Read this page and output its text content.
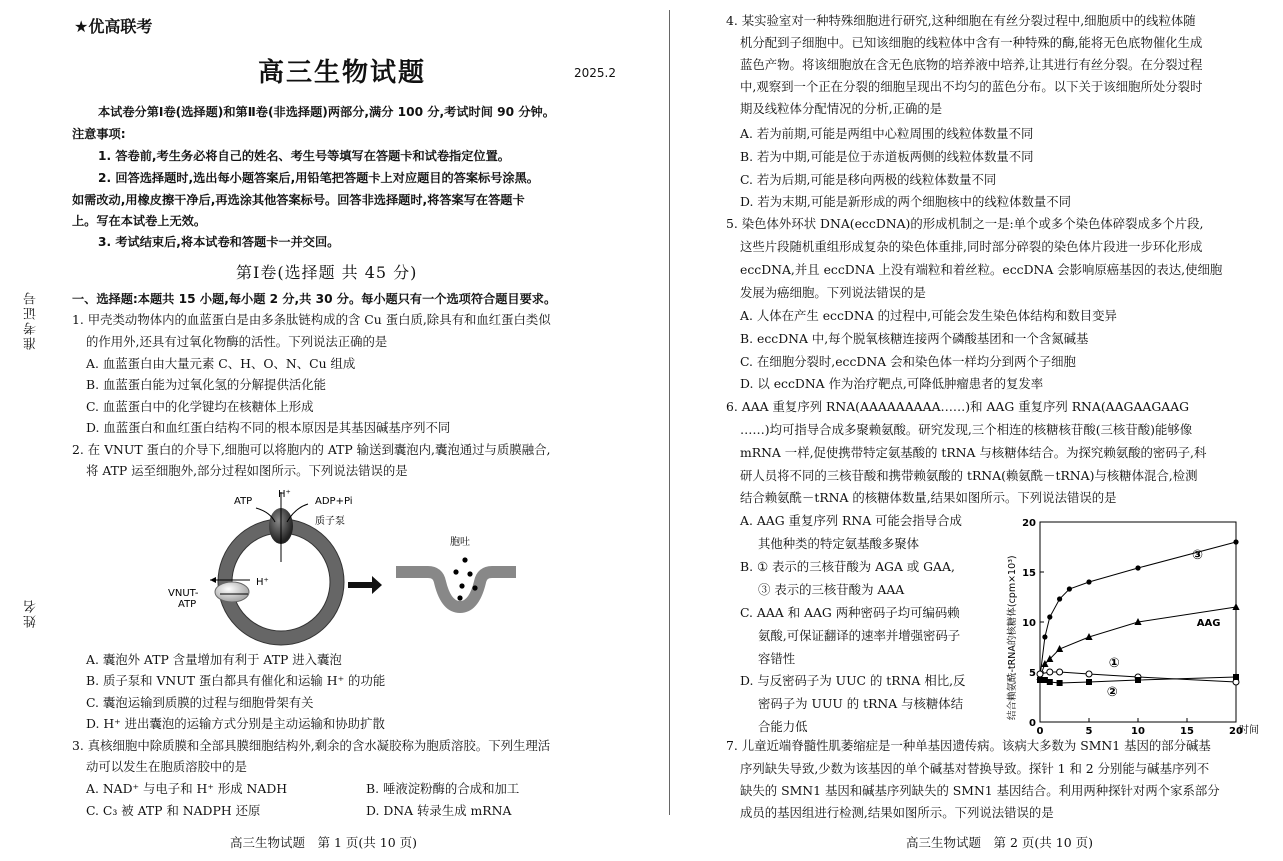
★优高联考
高三生物试题	2025.2
准考证号
姓名
本试卷分第Ⅰ卷(选择题)和第Ⅱ卷(非选择题)两部分,满分 100 分,考试时间 90 分钟。
注意事项:
1. 答卷前,考生务必将自己的姓名、考生号等填写在答题卡和试卷指定位置。
2. 回答选择题时,选出每小题答案后,用铅笔把答题卡上对应题目的答案标号涂黑。
如需改动,用橡皮擦干净后,再选涂其他答案标号。回答非选择题时,将答案写在答题卡
上。写在本试卷上无效。
3. 考试结束后,将本试卷和答题卡一并交回。
第Ⅰ卷(选择题 共 45 分)
一、选择题:本题共 15 小题,每小题 2 分,共 30 分。每小题只有一个选项符合题目要求。
1. 甲壳类动物体内的血蓝蛋白是由多条肽链构成的含 Cu 蛋白质,除具有和血红蛋白类似
的作用外,还具有过氧化物酶的活性。下列说法正确的是
A. 血蓝蛋白由大量元素 C、H、O、N、Cu 组成
B. 血蓝蛋白能为过氧化氢的分解提供活化能
C. 血蓝蛋白中的化学键均在核糖体上形成
D. 血蓝蛋白和血红蛋白结构不同的根本原因是其基因碱基序列不同
2. 在 VNUT 蛋白的介导下,细胞可以将胞内的 ATP 输送到囊泡内,囊泡通过与质膜融合,
将 ATP 运至细胞外,部分过程如图所示。下列说法错误的是
ATP
H⁺
ADP+Pi
质子泵
H⁺
VNUT-
ATP
胞吐
A. 囊泡外 ATP 含量增加有利于 ATP 进入囊泡
B. 质子泵和 VNUT 蛋白都具有催化和运输 H⁺ 的功能
C. 囊泡运输到质膜的过程与细胞骨架有关
D. H⁺ 进出囊泡的运输方式分别是主动运输和协助扩散
3. 真核细胞中除质膜和全部具膜细胞结构外,剩余的含水凝胶称为胞质溶胶。下列生理活
动可以发生在胞质溶胶中的是
A. NAD⁺ 与电子和 H⁺ 形成 NADH	B. 唾液淀粉酶的合成和加工
C. C₃ 被 ATP 和 NADPH 还原	D. DNA 转录生成 mRNA
高三生物试题　第 1 页(共 10 页)
4. 某实验室对一种特殊细胞进行研究,这种细胞在有丝分裂过程中,细胞质中的线粒体随
机分配到子细胞中。已知该细胞的线粒体中含有一种特殊的酶,能将无色底物催化生成
蓝色产物。将该细胞放在含无色底物的培养液中培养,让其进行有丝分裂。在分裂过程
中,观察到一个正在分裂的细胞呈现出不均匀的蓝色分布。以下关于该细胞所处分裂时
期及线粒体分配情况的分析,正确的是
A. 若为前期,可能是两组中心粒周围的线粒体数量不同
B. 若为中期,可能是位于赤道板两侧的线粒体数量不同
C. 若为后期,可能是移向两极的线粒体数量不同
D. 若为末期,可能是新形成的两个细胞核中的线粒体数量不同
5. 染色体外环状 DNA(eccDNA)的形成机制之一是:单个或多个染色体碎裂成多个片段,
这些片段随机重组形成复杂的染色体重排,同时部分碎裂的染色体片段进一步环化形成
eccDNA,并且 eccDNA 上没有端粒和着丝粒。eccDNA 会影响原癌基因的表达,使细胞
发展为癌细胞。下列说法错误的是
A. 人体在产生 eccDNA 的过程中,可能会发生染色体结构和数目变异
B. eccDNA 中,每个脱氧核糖连接两个磷酸基团和一个含氮碱基
C. 在细胞分裂时,eccDNA 会和染色体一样均分到两个子细胞
D. 以 eccDNA 作为治疗靶点,可降低肿瘤患者的复发率
6. AAA 重复序列 RNA(AAAAAAAAA……)和 AAG 重复序列 RNA(AAGAAGAAG
……)均可指导合成多聚赖氨酸。研究发现,三个相连的核糖核苷酸(三核苷酸)能够像
mRNA 一样,促使携带特定氨基酸的 tRNA 与核糖体结合。为探究赖氨酸的密码子,科
研人员将不同的三核苷酸和携带赖氨酸的 tRNA(赖氨酰－tRNA)与核糖体混合,检测
结合赖氨酰－tRNA 的核糖体数量,结果如图所示。下列说法错误的是
A. AAG 重复序列 RNA 可能会指导合成
其他种类的特定氨基酸多聚体
B. ① 表示的三核苷酸为 AGA 或 GAA,
③ 表示的三核苷酸为 AAA
C. AAA 和 AAG 两种密码子均可编码赖
氨酸,可保证翻译的速率并增强密码子
容错性
D. 与反密码子为 UUC 的 tRNA 相比,反
密码子为 UUU 的 tRNA 与核糖体结
合能力低	0	5	10	15	20
0
5
10
15
20
时间
结合赖氨酰-tRNA的核糖体(cpm×10³)	③
AAG
①
②
7. 儿童近端脊髓性肌萎缩症是一种单基因遗传病。该病大多数为 SMN1 基因的部分碱基
序列缺失导致,少数为该基因的单个碱基对替换导致。探针 1 和 2 分别能与碱基序列不
缺失的 SMN1 基因和碱基序列缺失的 SMN1 基因结合。利用两种探针对两个家系部分
成员的基因组进行检测,结果如图所示。下列说法错误的是
高三生物试题　第 2 页(共 10 页)
